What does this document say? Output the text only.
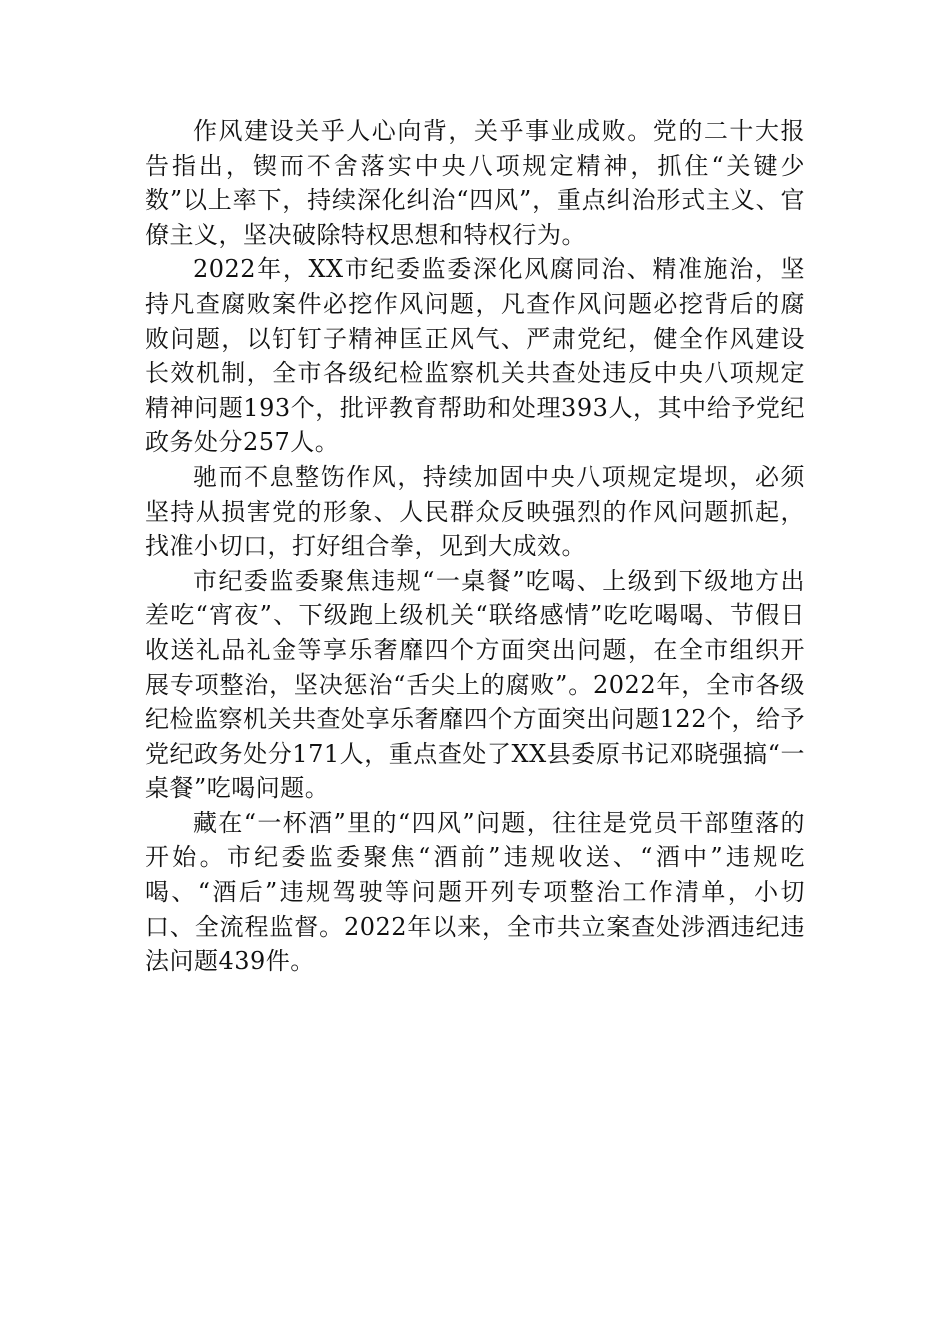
作风建设关乎人心向背，关乎事业成败。党的二十大报告指出，锲而不舍落实中央八项规定精神，抓住“关键少数”以上率下，持续深化纠治“四风”，重点纠治形式主义、官僚主义，坚决破除特权思想和特权行为。

2022年，XX市纪委监委深化风腐同治、精准施治，坚持凡查腐败案件必挖作风问题，凡查作风问题必挖背后的腐败问题，以钉钉子精神匡正风气、严肃党纪，健全作风建设长效机制，全市各级纪检监察机关共查处违反中央八项规定精神问题193个，批评教育帮助和处理393人，其中给予党纪政务处分257人。

驰而不息整饬作风，持续加固中央八项规定堤坝，必须坚持从损害党的形象、人民群众反映强烈的作风问题抓起，找准小切口，打好组合拳，见到大成效。

市纪委监委聚焦违规“一桌餐”吃喝、上级到下级地方出差吃“宵夜”、下级跑上级机关“联络感情”吃吃喝喝、节假日收送礼品礼金等享乐奢靡四个方面突出问题，在全市组织开展专项整治，坚决惩治“舌尖上的腐败”。2022年，全市各级纪检监察机关共查处享乐奢靡四个方面突出问题122个，给予党纪政务处分171人，重点查处了XX县委原书记邓晓强搞“一桌餐”吃喝问题。

藏在“一杯酒”里的“四风”问题，往往是党员干部堕落的开始。市纪委监委聚焦“酒前”违规收送、“酒中”违规吃喝、“酒后”违规驾驶等问题开列专项整治工作清单，小切口、全流程监督。2022年以来，全市共立案查处涉酒违纪违法问题439件。
